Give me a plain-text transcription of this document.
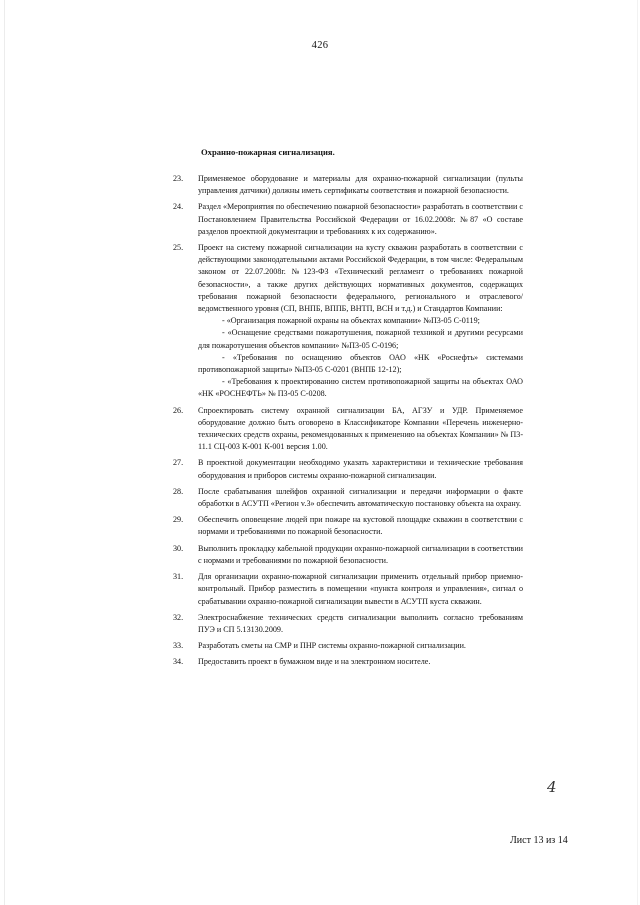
426
Охранно-пожарная сигнализация.
23. Применяемое оборудование и материалы для охранно-пожарной сигнализации (пульты управления датчики) должны иметь сертификаты соответствия и пожарной безопасности.
24. Раздел «Мероприятия по обеспечению пожарной безопасности» разработать в соответствии с Постановлением Правительства Российской Федерации от 16.02.2008г. №87 «О составе разделов проектной документации и требованиях к их содержанию».
25. Проект на систему пожарной сигнализации на кусту скважин разработать в соответствии с действующими законодательными актами Российской Федерации, в том числе: Федеральным законом от 22.07.2008г. №123-ФЗ «Технический регламент о требованиях пожарной безопасности», а также других действующих нормативных документов, содержащих требования пожарной безопасности федерального, регионального и отраслевого/ведомственного уровня (СП, ВНПБ, ВППБ, ВНТП, ВСН и т.д.) и Стандартов Компании:
- «Организация пожарной охраны на объектах компании» №П3-05 С-0119;
- «Оснащение средствами пожаротушения, пожарной техникой и другими ресурсами для пожаротушения объектов компании» №П3-05 С-0196;
- «Требования по оснащению объектов ОАО «НК «Роснефть» системами противопожарной защиты» №П3-05 С-0201 (ВНПБ 12-12);
- «Требования к проектированию систем противопожарной защиты на объектах ОАО «НК «РОСНЕФТЬ» № П3-05 С-0208.
26. Спроектировать систему охранной сигнализации БА, АГЗУ и УДР. Применяемое оборудование должно быть оговорено в Классификаторе Компании «Перечень инженерно-технических средств охраны, рекомендованных к применению на объектах Компании» № П3-11.1 СЦ-003 К-001 К-001 версия 1.00.
27. В проектной документации необходимо указать характеристики и технические требования оборудования и приборов системы охранно-пожарной сигнализации.
28. После срабатывания шлейфов охранной сигнализации и передачи информации о факте обработки в АСУТП «Регион v.3» обеспечить автоматическую постановку объекта на охрану.
29. Обеспечить оповещение людей при пожаре на кустовой площадке скважин в соответствии с нормами и требованиями по пожарной безопасности.
30. Выполнить прокладку кабельной продукции охранно-пожарной сигнализации в соответствии с нормами и требованиями по пожарной безопасности.
31. Для организации охранно-пожарной сигнализации применить отдельный прибор приемно-контрольный. Прибор разместить в помещении «пункта контроля и управления», сигнал о срабатывании охранно-пожарной сигнализации вывести в АСУТП куста скважин.
32. Электроснабжение технических средств сигнализации выполнить согласно требованиям ПУЭ и СП 5.13130.2009.
33. Разработать сметы на СМР и ПНР системы охранно-пожарной сигнализации.
34. Предоставить проект в бумажном виде и на электронном носителе.
4
Лист 13 из 14
